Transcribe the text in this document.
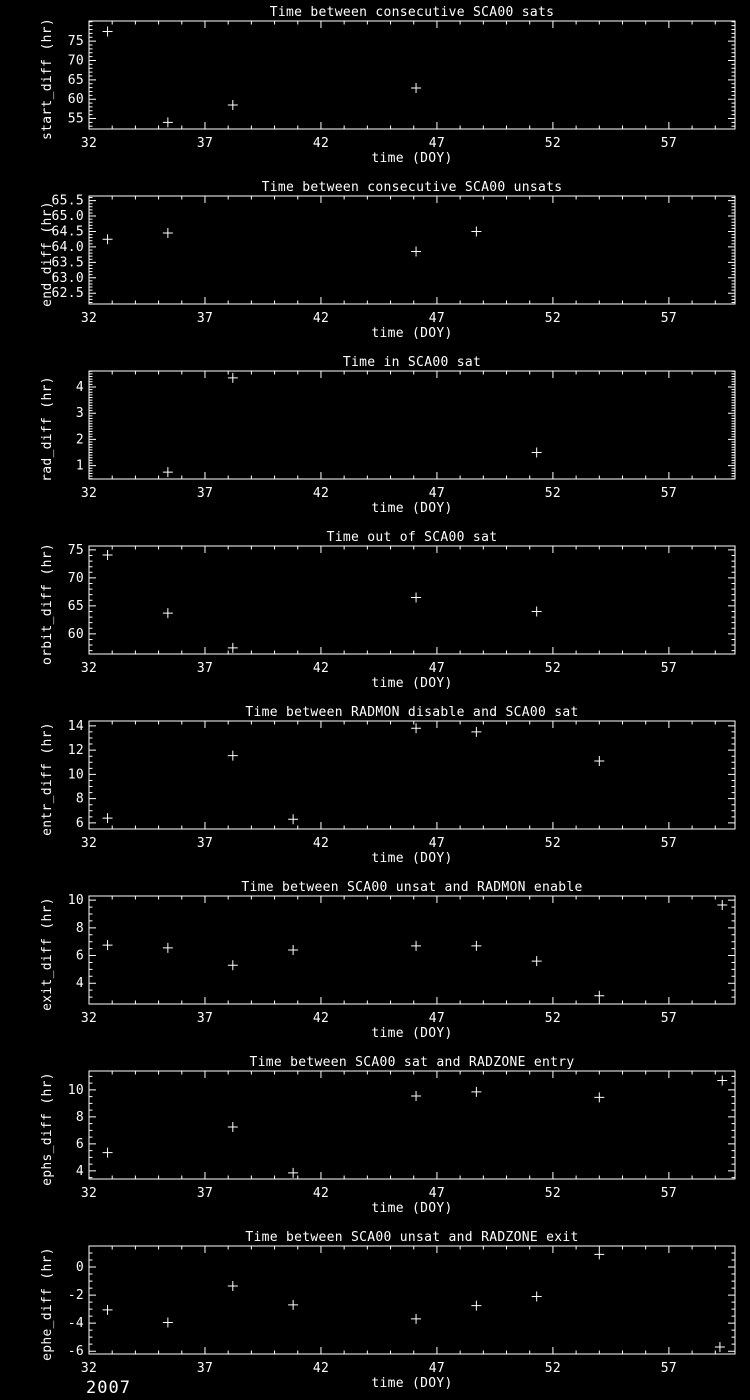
Time between consecutive SCA00 sats
time (DOY)
start_diff (hr)
32	37	42	47	52	57
55
60
65
70
75
Time between consecutive SCA00 unsats
time (DOY)
end_diff (hr)
32	37	42	47	52	57
62.5
63.0
63.5
64.0
64.5
65.0
65.5
Time in SCA00 sat
time (DOY)
rad_diff (hr)
32	37	42	47	52	57
1
2
3
4
Time out of SCA00 sat
time (DOY)
orbit_diff (hr)
32	37	42	47	52	57
60
65
70
75
Time between RADMON disable and SCA00 sat
time (DOY)
entr_diff (hr)
32	37	42	47	52	57
6
8
10
12
14
Time between SCA00 unsat and RADMON enable
time (DOY)
exit_diff (hr)
32	37	42	47	52	57
4
6
8
10
Time between SCA00 sat and RADZONE entry
time (DOY)
ephs_diff (hr)
32	37	42	47	52	57
4
6
8
10
Time between SCA00 unsat and RADZONE exit
time (DOY)
ephe_diff (hr)
32	37	42	47	52	57
-6
-4
-2
0
2007
